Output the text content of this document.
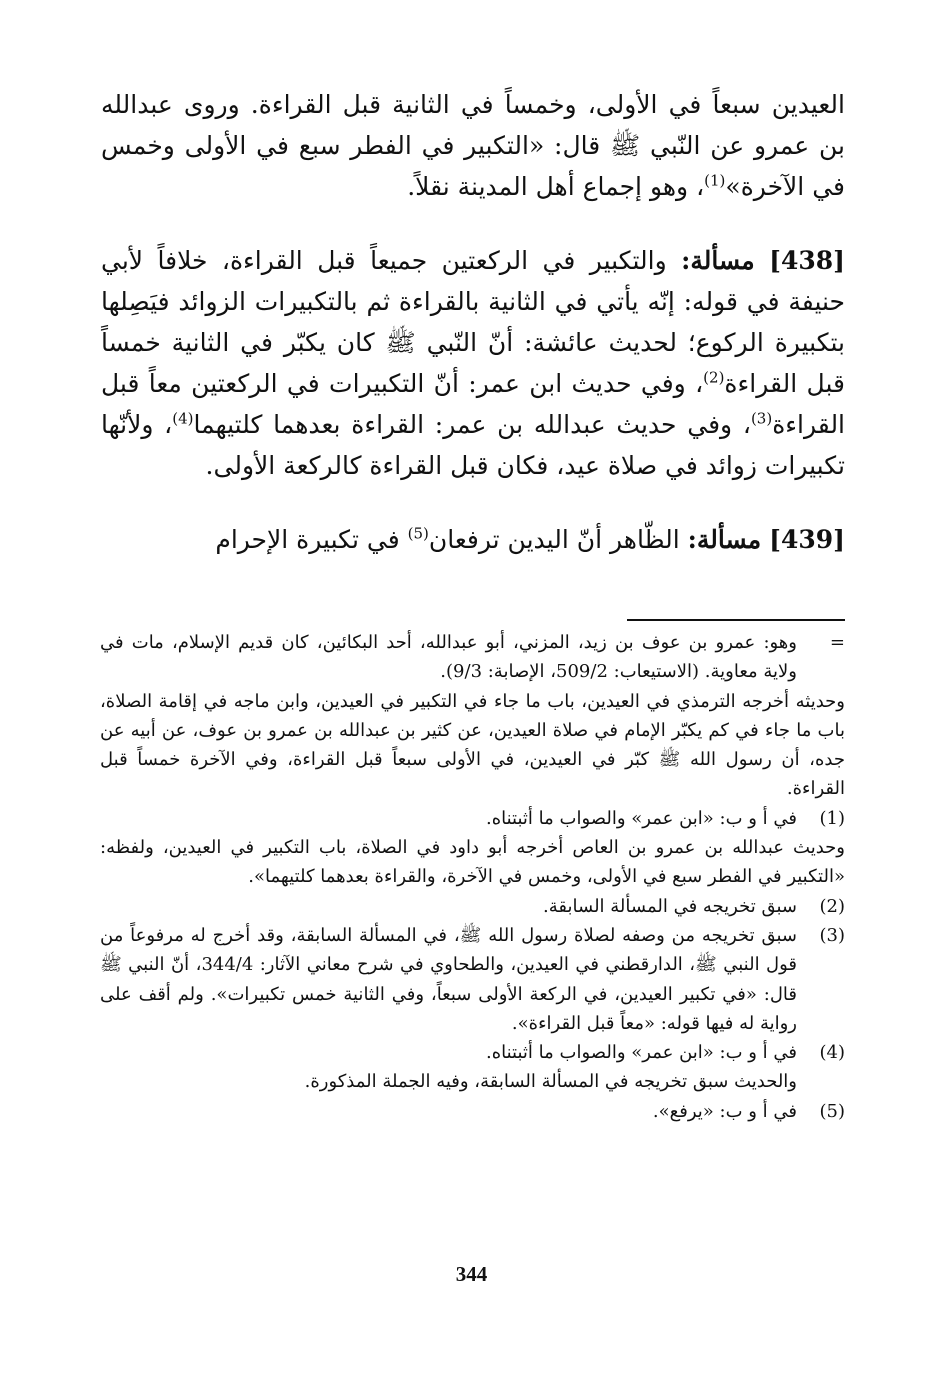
العيدين سبعاً في الأولى، وخمساً في الثانية قبل القراءة. وروى عبدالله بن عمرو عن النّبي ﷺ قال: «التكبير في الفطر سبع في الأولى وخمس في الآخرة»$^{(1)}$، وهو إجماع أهل المدينة نقلاً.

[438] مسألة: والتكبير في الركعتين جميعاً قبل القراءة، خلافاً لأبي حنيفة في قوله: إنّه يأتي في الثانية بالقراءة ثم بالتكبيرات الزوائد فيَصِلها بتكبيرة الركوع؛ لحديث عائشة: أنّ النّبي ﷺ كان يكبّر في الثانية خمساً قبل القراءة$^{(2)}$، وفي حديث ابن عمر: أنّ التكبيرات في الركعتين معاً قبل القراءة$^{(3)}$، وفي حديث عبدالله بن عمر: القراءة بعدهما كلتيهما$^{(4)}$، ولأنّها تكبيرات زوائد في صلاة عيد، فكان قبل القراءة كالركعة الأولى.

[439] مسألة: الظّاهر أنّ اليدين ترفعان$^{(5)}$ في تكبيرة الإحرام

=
وهو: عمرو بن عوف بن زيد، المزني، أبو عبدالله، أحد البكائين، كان قديم الإسلام، مات في ولاية معاوية. (الاستيعاب: 509/2، الإصابة: 9/3).
وحديثه أخرجه الترمذي في العيدين، باب ما جاء في التكبير في العيدين، وابن ماجه في إقامة الصلاة، باب ما جاء في كم يكبّر الإمام في صلاة العيدين، عن كثير بن عبدالله بن عمرو بن عوف، عن أبيه عن جده، أن رسول الله ﷺ كبّر في العيدين، في الأولى سبعاً قبل القراءة، وفي الآخرة خمساً قبل القراءة.
(1)
في أ و ب: «ابن عمر» والصواب ما أثبتناه.
وحديث عبدالله بن عمرو بن العاص أخرجه أبو داود في الصلاة، باب التكبير في العيدين، ولفظه: «التكبير في الفطر سبع في الأولى، وخمس في الآخرة، والقراءة بعدهما كلتيهما».
(2)
سبق تخريجه في المسألة السابقة.
(3)
سبق تخريجه من وصفه لصلاة رسول الله ﷺ، في المسألة السابقة، وقد أخرج له مرفوعاً من قول النبي ﷺ، الدارقطني في العيدين، والطحاوي في شرح معاني الآثار: 344/4، أنّ النبي ﷺ قال: «في تكبير العيدين، في الركعة الأولى سبعاً، وفي الثانية خمس تكبيرات». ولم أقف على رواية له فيها قوله: «معاً قبل القراءة».
(4)
في أ و ب: «ابن عمر» والصواب ما أثبتناه.
والحديث سبق تخريجه في المسألة السابقة، وفيه الجملة المذكورة.
(5)
في أ و ب: «يرفع».
344
